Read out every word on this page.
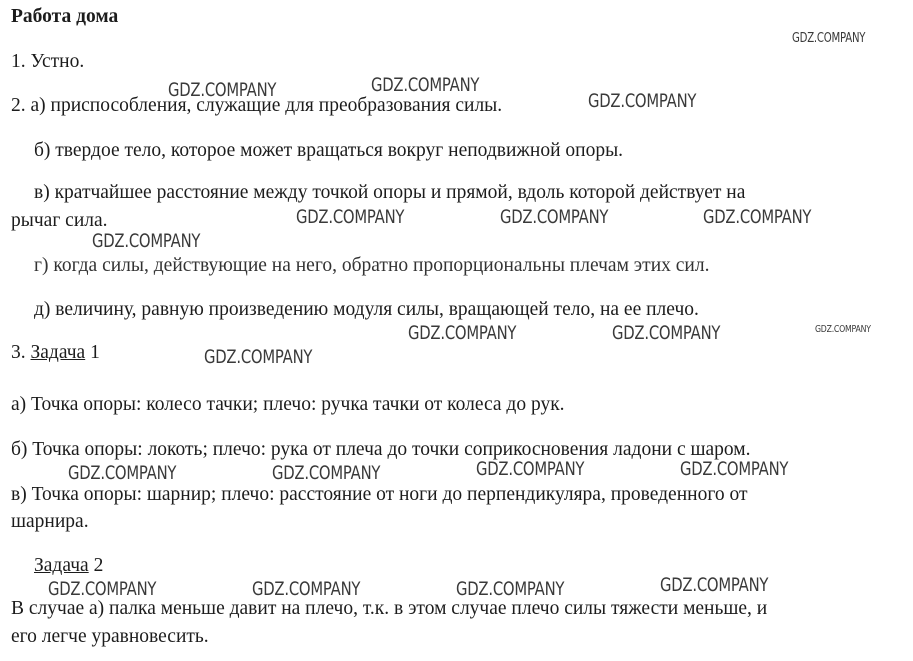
Работа дома
1. Устно.
2. а) приспособления, служащие для преобразования силы.
б) твердое тело, которое может вращаться вокруг неподвижной опоры.
в) кратчайшее расстояние между точкой опоры и прямой, вдоль которой действует на
рычаг сила.
г) когда силы, действующие на него, обратно пропорциональны плечам этих сил.
д) величину, равную произведению модуля силы, вращающей тело, на ее плечо.
3. Задача 1
а) Точка опоры: колесо тачки; плечо: ручка тачки от колеса до рук.
б) Точка опоры: локоть; плечо: рука от плеча до точки соприкосновения ладони с шаром.
в) Точка опоры: шарнир; плечо: расстояние от ноги до перпендикуляра, проведенного от
шарнира.
Задача 2
В случае а) палка меньше давит на плечо, т.к. в этом случае плечо силы тяжести меньше, и
его легче уравновесить.
GDZ.COMPANY
GDZ.COMPANY	GDZ.COMPANY
GDZ.COMPANY
GDZ.COMPANY	GDZ.COMPANY	GDZ.COMPANY
GDZ.COMPANY
GDZ.COMPANY	GDZ.COMPANY	GDZ.COMPANY
GDZ.COMPANY
GDZ.COMPANY	GDZ.COMPANY	GDZ.COMPANY	GDZ.COMPANY
GDZ.COMPANY	GDZ.COMPANY	GDZ.COMPANY	GDZ.COMPANY
